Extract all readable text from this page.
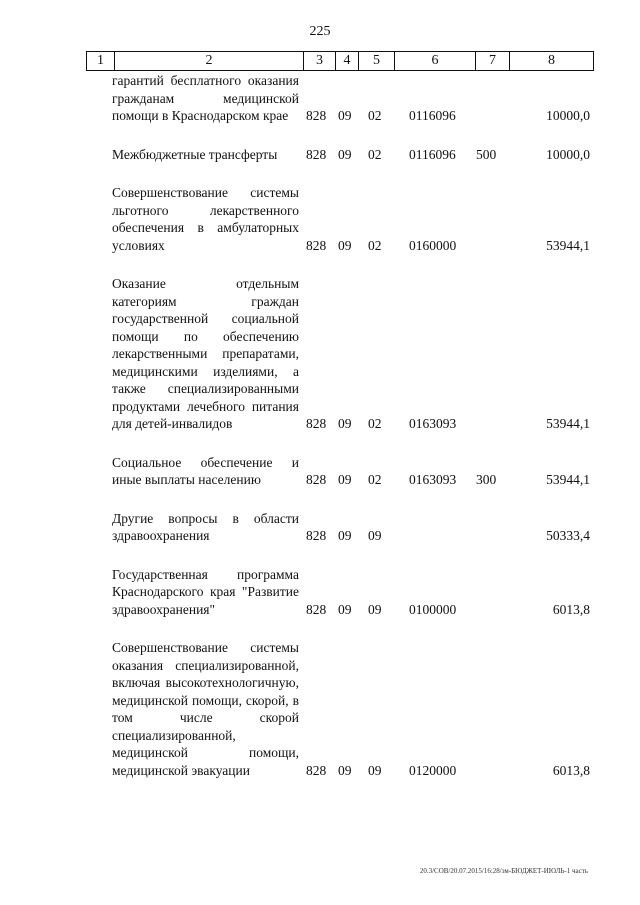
225
1	2	3	4	5	6	7	8
гарантий бесплатного оказания гражданам медицинской помощи в Краснодарском крае	828 09 02 0116096	10000,0
Межбюджетные трансферты	828 09 02 0116096 500	10000,0
Совершенствование системы льготного лекарственного обеспечения в амбулаторных условиях	828 09 02 0160000	53944,1
Оказание отдельным категориям граждан государственной социальной помощи по обеспечению лекарственными препаратами, медицинскими изделиями, а также специализированными продуктами лечебного питания для детей-инвалидов	828 09 02 0163093	53944,1
Социальное обеспечение и иные выплаты населению	828 09 02 0163093 300	53944,1
Другие вопросы в области здравоохранения	828 09 09	50333,4
Государственная программа Краснодарского края "Развитие здравоохранения"	828 09 09 0100000	6013,8
Совершенствование системы оказания специализированной, включая высокотехнологичную, медицинской помощи, скорой, в том числе скорой специализированной, медицинской помощи, медицинской эвакуации	828 09 09 0120000	6013,8
20.3/СОВ/20.07.2015/16:28/зм-БЮДЖЕТ-ИЮЛЬ-1 часть
